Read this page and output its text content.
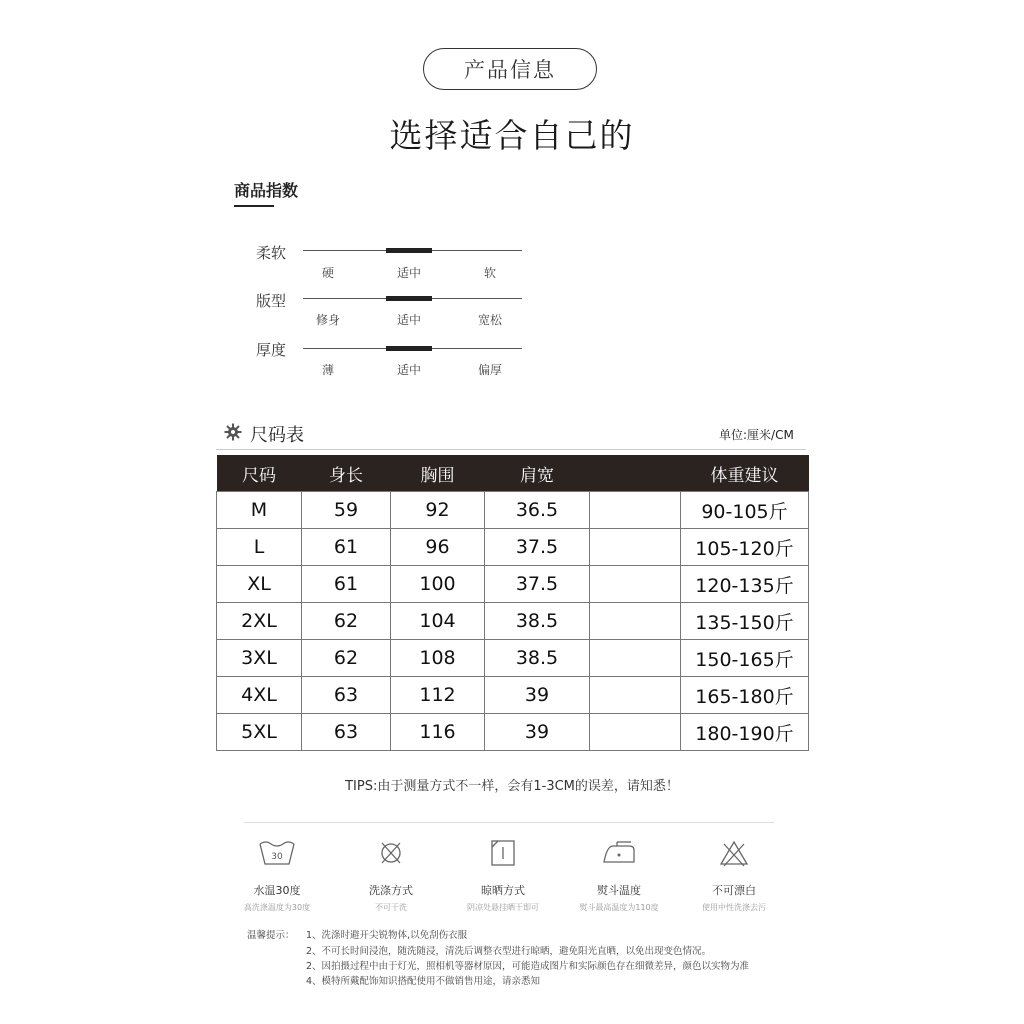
产品信息
选择适合自己的
商品指数
柔软
硬	适中	软
版型
修身	适中	宽松
厚度
薄	适中	偏厚
尺码表	单位:厘米/CM
尺码	身长	胸围	肩宽		体重建议
M	59	92	36.5		90-105斤
L	61	96	37.5		105-120斤
XL	61	100	37.5		120-135斤
2XL	62	104	38.5		135-150斤
3XL	62	108	38.5		150-165斤
4XL	63	112	39		165-180斤
5XL	63	116	39		180-190斤
TIPS:由于测量方式不一样，会有1-3CM的误差，请知悉！
30
水温30度
高洗涤温度为30度
洗涤方式
不可干洗
晾晒方式
阴凉处悬挂晒干即可
熨斗温度
熨斗最高温度为110度
不可漂白
使用中性洗涤去污
温馨提示： 1、洗涤时避开尖锐物体,以免刮伤衣服
2、不可长时间浸泡，随洗随浸，清洗后调整衣型进行晾晒，避免阳光直晒，以免出现变色情况。
2、因拍摄过程中由于灯光，照相机等器材原因，可能造成图片和实际颜色存在细微差异，颜色以实物为准
4、模特所戴配饰知识搭配使用不做销售用途，请亲悉知
